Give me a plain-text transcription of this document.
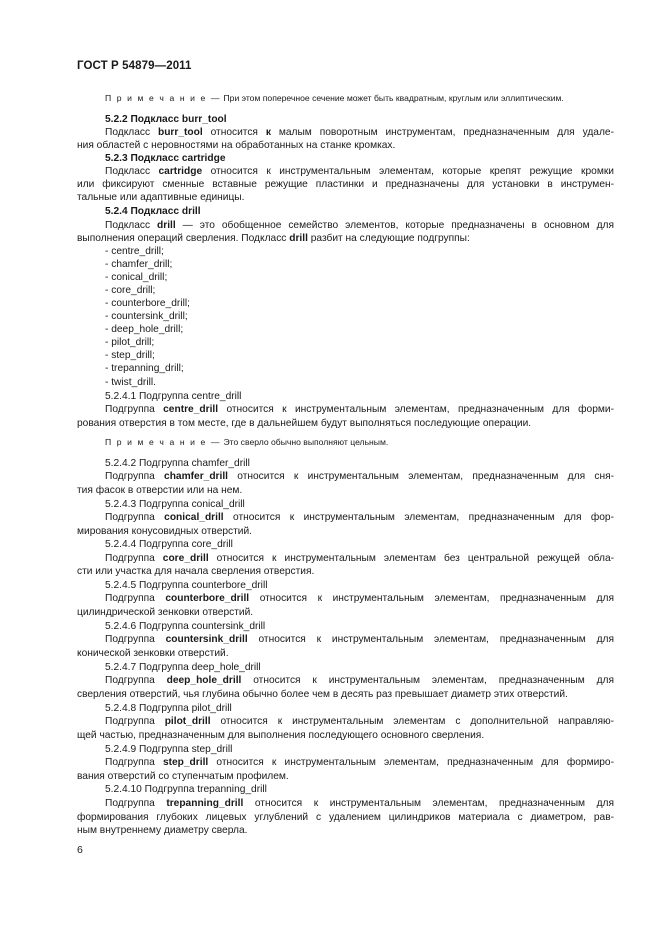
ГОСТ Р 54879—2011
П р и м е ч а н и е — При этом поперечное сечение может быть квадратным, круглым или эллиптическим.
5.2.2 Подкласс burr_tool
Подкласс burr_tool относится к малым поворотным инструментам, предназначенным для удале-
ния областей с неровностями на обработанных на станке кромках.
5.2.3 Подкласс cartridge
Подкласс cartridge относится к инструментальным элементам, которые крепят режущие кромки
или фиксируют сменные вставные режущие пластинки и предназначены для установки в инструмен-
тальные или адаптивные единицы.
5.2.4 Подкласс drill
Подкласс drill — это обобщенное семейство элементов, которые предназначены в основном для
выполнения операций сверления. Подкласс drill разбит на следующие подгруппы:
- centre_drill;
- chamfer_drill;
- conical_drill;
- core_drill;
- counterbore_drill;
- countersink_drill;
- deep_hole_drill;
- pilot_drill;
- step_drill;
- trepanning_drill;
- twist_drill.
5.2.4.1 Подгруппа centre_drill
Подгруппа centre_drill относится к инструментальным элементам, предназначенным для форми-
рования отверстия в том месте, где в дальнейшем будут выполняться последующие операции.
П р и м е ч а н и е — Это сверло обычно выполняют цельным.
5.2.4.2 Подгруппа chamfer_drill
Подгруппа chamfer_drill относится к инструментальным элементам, предназначенным для сня-
тия фасок в отверстии или на нем.
5.2.4.3 Подгруппа conical_drill
Подгруппа conical_drill относится к инструментальным элементам, предназначенным для фор-
мирования конусовидных отверстий.
5.2.4.4 Подгруппа core_drill
Подгруппа core_drill относится к инструментальным элементам без центральной режущей обла-
сти или участка для начала сверления отверстия.
5.2.4.5 Подгруппа counterbore_drill
Подгруппа counterbore_drill относится к инструментальным элементам, предназначенным для
цилиндрической зенковки отверстий.
5.2.4.6 Подгруппа countersink_drill
Подгруппа countersink_drill относится к инструментальным элементам, предназначенным для
конической зенковки отверстий.
5.2.4.7 Подгруппа deep_hole_drill
Подгруппа deep_hole_drill относится к инструментальным элементам, предназначенным для
сверления отверстий, чья глубина обычно более чем в десять раз превышает диаметр этих отверстий.
5.2.4.8 Подгруппа pilot_drill
Подгруппа pilot_drill относится к инструментальным элементам с дополнительной направляю-
щей частью, предназначенным для выполнения последующего основного сверления.
5.2.4.9 Подгруппа step_drill
Подгруппа step_drill относится к инструментальным элементам, предназначенным для формиро-
вания отверстий со ступенчатым профилем.
5.2.4.10 Подгруппа trepanning_drill
Подгруппа trepanning_drill относится к инструментальным элементам, предназначенным для
формирования глубоких лицевых углублений с удалением цилиндриков материала с диаметром, рав-
ным внутреннему диаметру сверла.
6
